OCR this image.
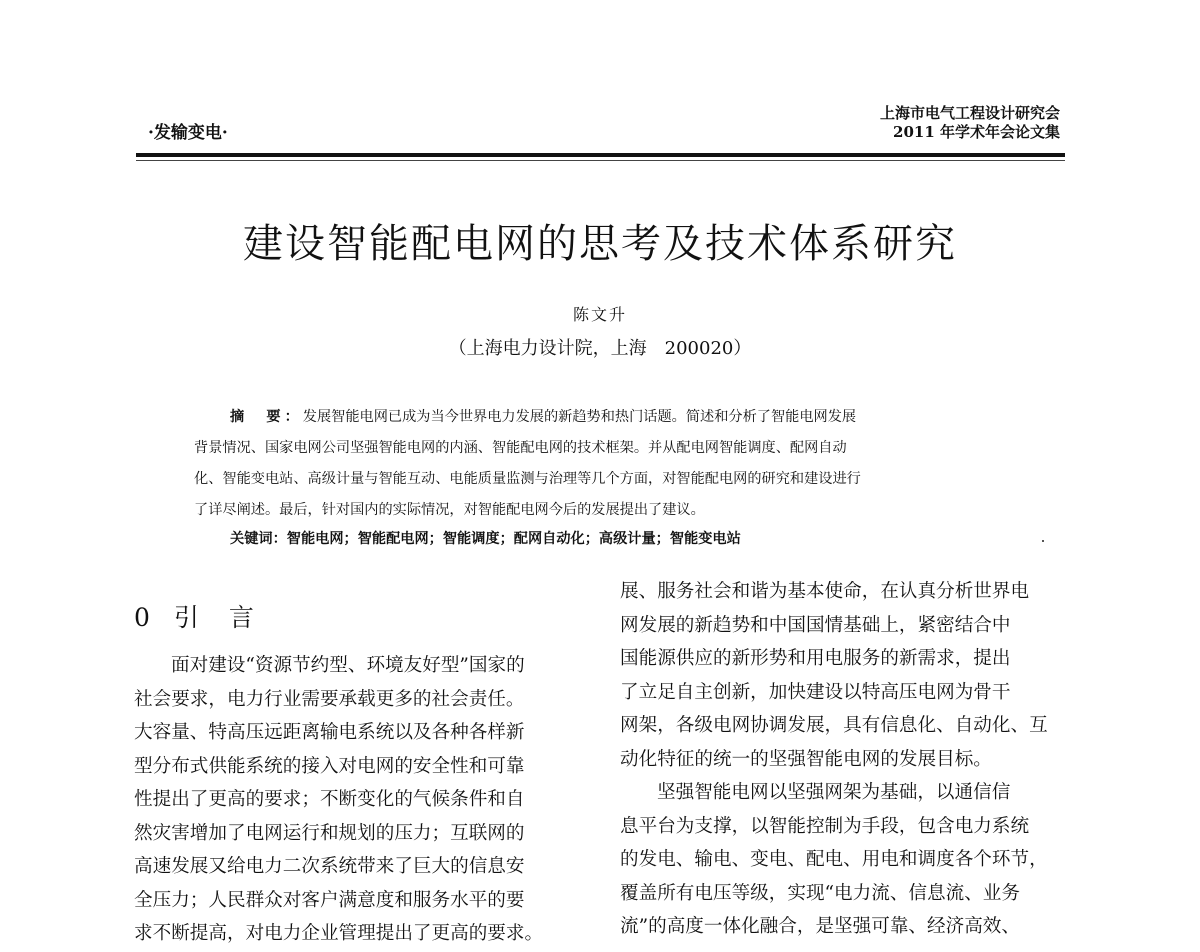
·发输变电·
上海市电气工程设计研究会
2011 年学术年会论文集
建设智能配电网的思考及技术体系研究
陈文升
（上海电力设计院，上海　200020）
摘　要：发展智能电网已成为当今世界电力发展的新趋势和热门话题。简述和分析了智能电网发展
背景情况、国家电网公司坚强智能电网的内涵、智能配电网的技术框架。并从配电网智能调度、配网自动
化、智能变电站、高级计量与智能互动、电能质量监测与治理等几个方面，对智能配电网的研究和建设进行
了详尽阐述。最后，针对国内的实际情况，对智能配电网今后的发展提出了建议。
关键词：智能电网；智能配电网；智能调度；配网自动化；高级计量；智能变电站
0 引言
面对建设“资源节约型、环境友好型”国家的
社会要求，电力行业需要承载更多的社会责任。
大容量、特高压远距离输电系统以及各种各样新
型分布式供能系统的接入对电网的安全性和可靠
性提出了更高的要求；不断变化的气候条件和自
然灾害增加了电网运行和规划的压力；互联网的
高速发展又给电力二次系统带来了巨大的信息安
全压力；人民群众对客户满意度和服务水平的要
求不断提高，对电力企业管理提出了更高的要求。
展、服务社会和谐为基本使命，在认真分析世界电
网发展的新趋势和中国国情基础上，紧密结合中
国能源供应的新形势和用电服务的新需求，提出
了立足自主创新，加快建设以特高压电网为骨干
网架，各级电网协调发展，具有信息化、自动化、互
动化特征的统一的坚强智能电网的发展目标。
坚强智能电网以坚强网架为基础，以通信信
息平台为支撑，以智能控制为手段，包含电力系统
的发电、输电、变电、配电、用电和调度各个环节，
覆盖所有电压等级，实现“电力流、信息流、业务
流”的高度一体化融合，是坚强可靠、经济高效、
